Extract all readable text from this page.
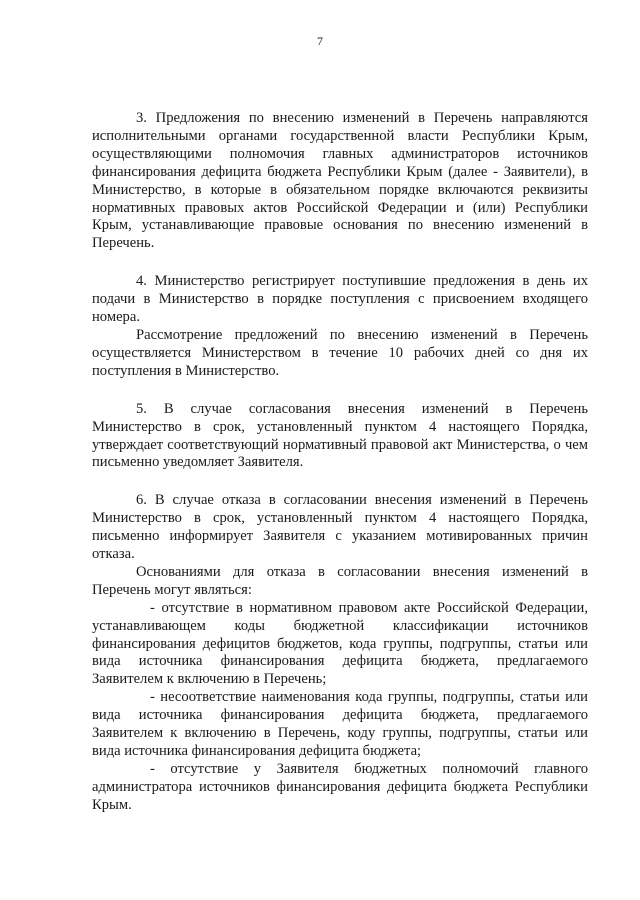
7

3. Предложения по внесению изменений в Перечень направляются исполнительными органами государственной власти Республики Крым, осуществляющими полномочия главных администраторов источников финансирования дефицита бюджета Республики Крым (далее - Заявители), в Министерство, в которые в обязательном порядке включаются реквизиты нормативных правовых актов Российской Федерации и (или) Республики Крым, устанавливающие правовые основания по внесению изменений в Перечень.

4. Министерство регистрирует поступившие предложения в день их подачи в Министерство в порядке поступления с присвоением входящего номера.

Рассмотрение предложений по внесению изменений в Перечень осуществляется Министерством в течение 10 рабочих дней со дня их поступления в Министерство.

5. В случае согласования внесения изменений в Перечень Министерство в срок, установленный пунктом 4 настоящего Порядка, утверждает соответствующий нормативный правовой акт Министерства, о чем письменно уведомляет Заявителя.

6. В случае отказа в согласовании внесения изменений в Перечень Министерство в срок, установленный пунктом 4 настоящего Порядка, письменно информирует Заявителя с указанием мотивированных причин отказа.

Основаниями для отказа в согласовании внесения изменений в Перечень могут являться:

- отсутствие в нормативном правовом акте Российской Федерации, устанавливающем коды бюджетной классификации источников финансирования дефицитов бюджетов, кода группы, подгруппы, статьи или вида источника финансирования дефицита бюджета, предлагаемого Заявителем к включению в Перечень;

- несоответствие наименования кода группы, подгруппы, статьи или вида источника финансирования дефицита бюджета, предлагаемого Заявителем к включению в Перечень, коду группы, подгруппы, статьи или вида источника финансирования дефицита бюджета;

- отсутствие у Заявителя бюджетных полномочий главного администратора источников финансирования дефицита бюджета Республики Крым.
